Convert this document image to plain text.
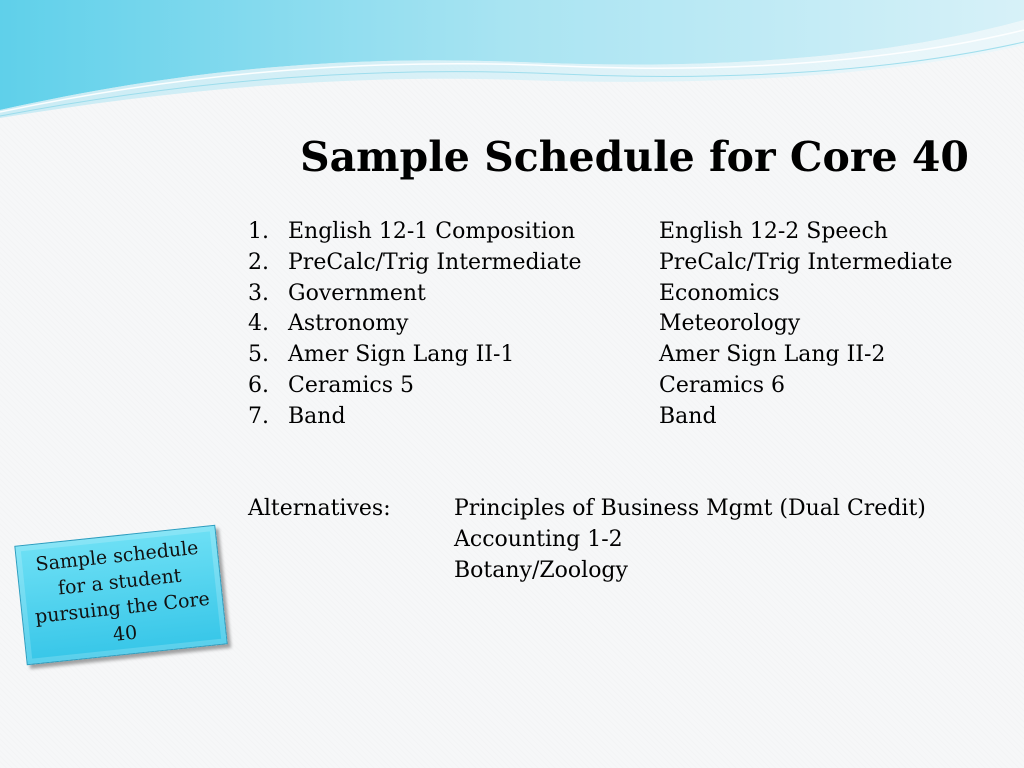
Sample Schedule for Core 40
1. English 12-1 Composition	English 12-2 Speech
2. PreCalc/Trig Intermediate	PreCalc/Trig Intermediate
3. Government	Economics
4. Astronomy	Meteorology
5. Amer Sign Lang II-1	Amer Sign Lang II-2
6. Ceramics 5	Ceramics 6
7. Band	Band
Alternatives:	Principles of Business Mgmt (Dual Credit)
Accounting 1-2
Botany/Zoology
Sample schedule for a student pursuing the Core 40
